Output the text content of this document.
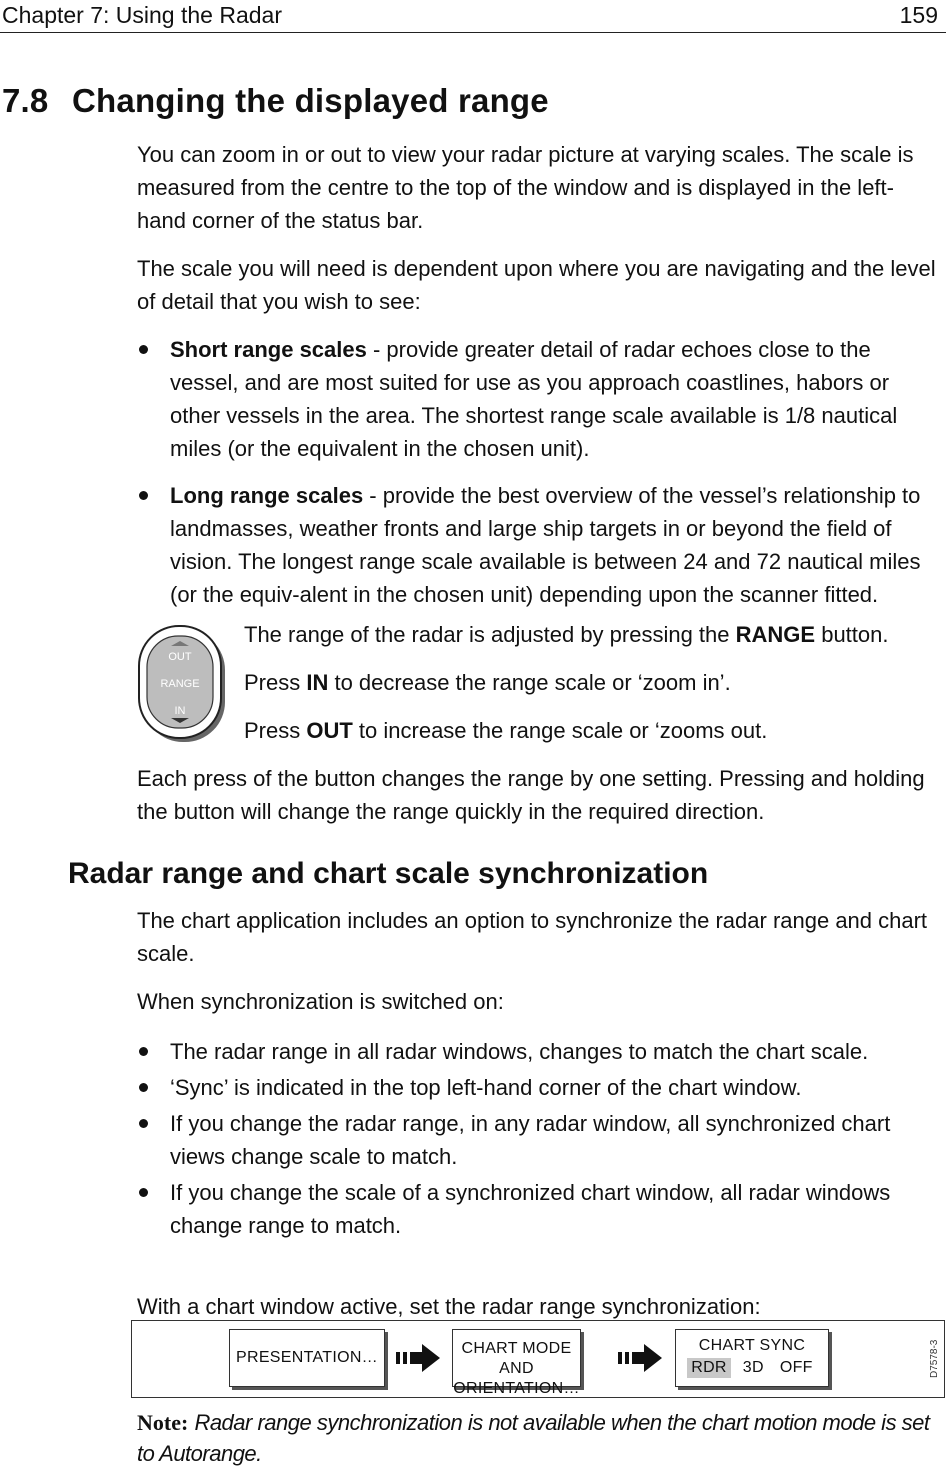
Chapter 7: Using the Radar	159
7.8 Changing the displayed range

You can zoom in or out to view your radar picture at varying scales. The scale is measured from the centre to the top of the window and is displayed in the left-hand corner of the status bar.

The scale you will need is dependent upon where you are navigating and the level of detail that you wish to see:

Short range scales - provide greater detail of radar echoes close to the vessel, and are most suited for use as you approach coastlines, habors or other vessels in the area. The shortest range scale available is 1/8 nautical miles (or the equivalent in the chosen unit).
Long range scales - provide the best overview of the vessel’s relationship to landmasses, weather fronts and large ship targets in or beyond the field of vision. The longest range scale available is between 24 and 72 nautical miles (or the equiv-alent in the chosen unit) depending upon the scanner fitted.
OUT
RANGE
IN

The range of the radar is adjusted by pressing the RANGE button.

Press IN to decrease the range scale or ‘zoom in’.

Press OUT to increase the range scale or ‘zooms out.

Each press of the button changes the range by one setting. Pressing and holding the button will change the range quickly in the required direction.

Radar range and chart scale synchronization

The chart application includes an option to synchronize the radar range and chart scale.

When synchronization is switched on:

The radar range in all radar windows, changes to match the chart scale.
‘Sync’ is indicated in the top left-hand corner of the chart window.
If you change the radar range, in any radar window, all synchronized chart views change scale to match.
If you change the scale of a synchronized chart window, all radar windows change range to match.

With a chart window active, set the radar range synchronization:

PRESENTATION…
CHART MODE AND
ORIENTATION…
CHART SYNC
RDR 3D OFF	D7578-3
Note: Radar range synchronization is not available when the chart motion mode is set to Autorange.
